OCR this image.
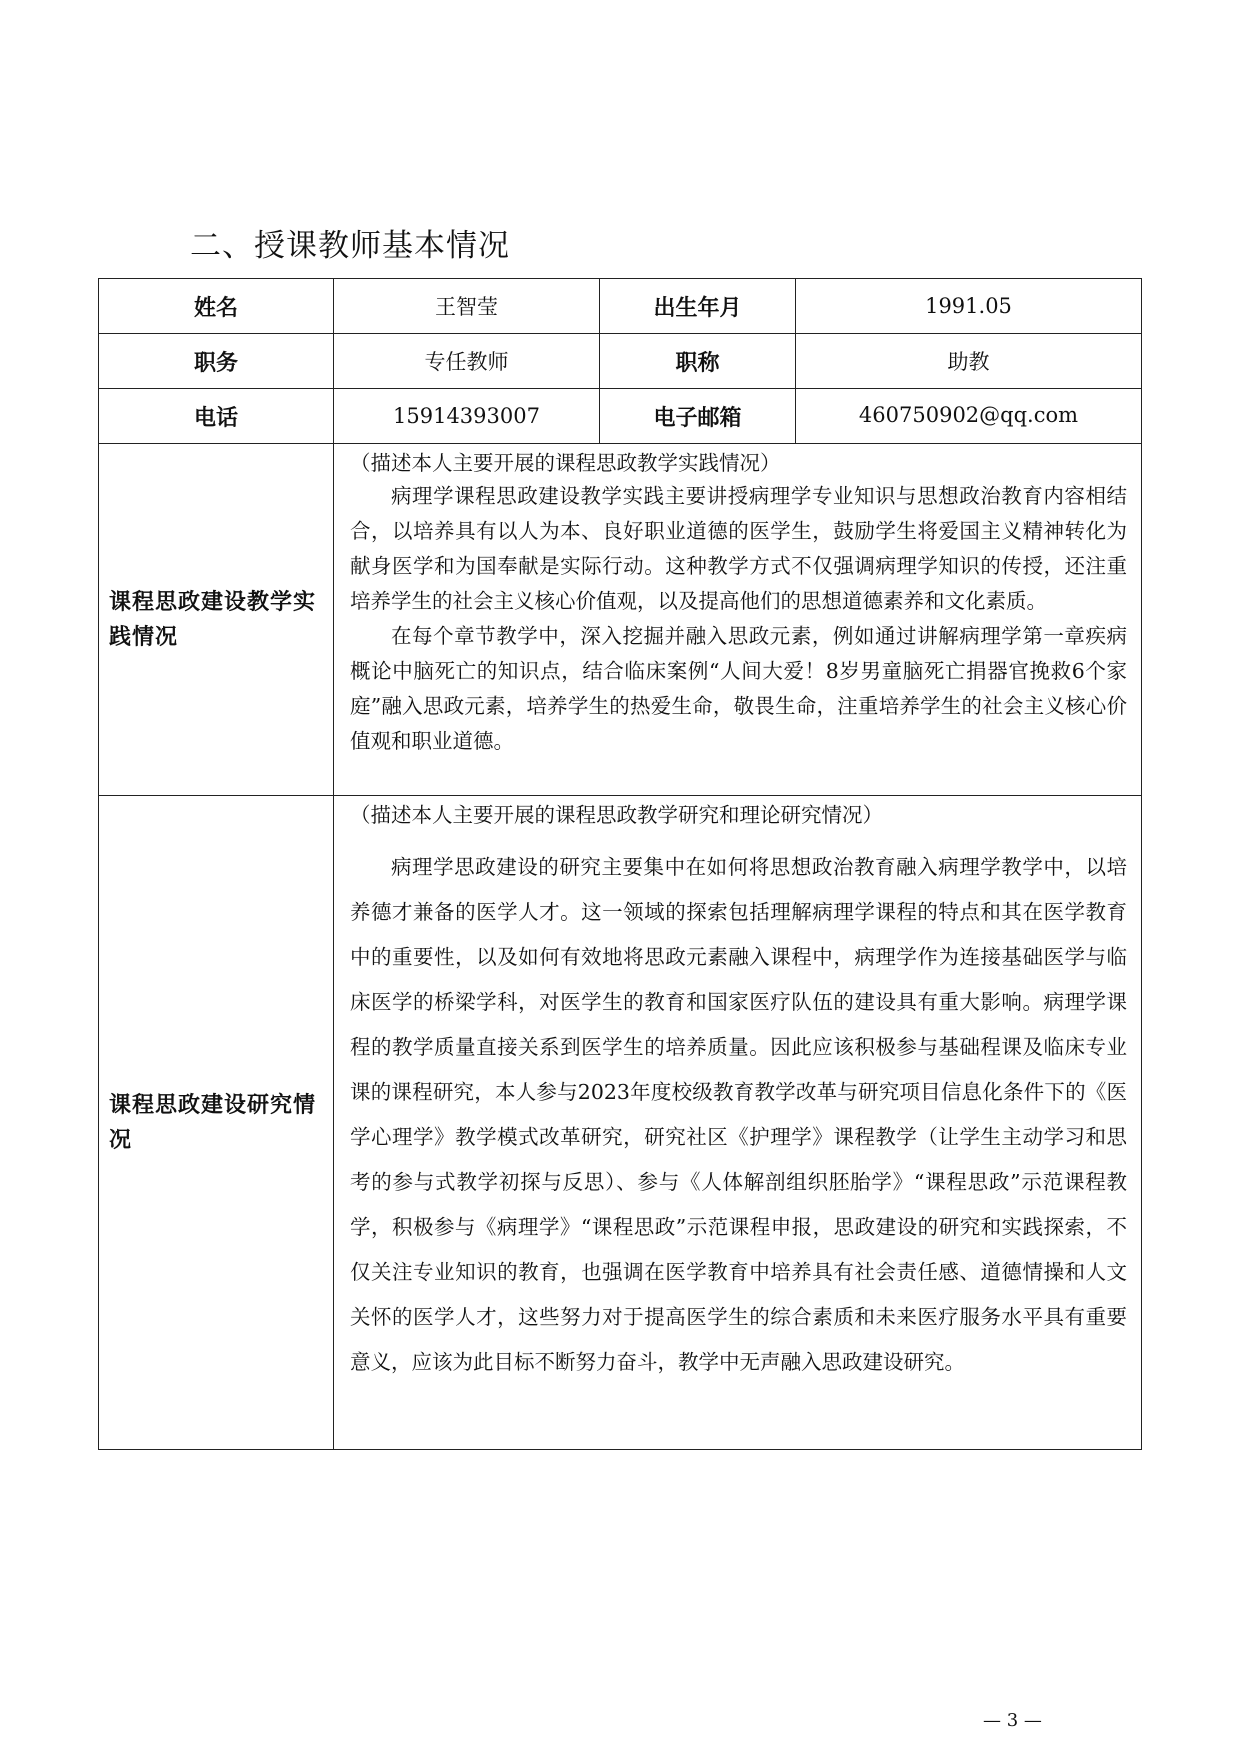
二、授课教师基本情况
姓名	王智莹	出生年月	1991.05
职务	专任教师	职称	助教
电话	15914393007	电子邮箱	460750902@qq.com
课程思政建设教学实践情况	（描述本人主要开展的课程思政教学实践情况）

病理学课程思政建设教学实践主要讲授病理学专业知识与思想政治教育内容相结合，以培养具有以人为本、良好职业道德的医学生，鼓励学生将爱国主义精神转化为献身医学和为国奉献是实际行动。这种教学方式不仅强调病理学知识的传授，还注重培养学生的社会主义核心价值观，以及提高他们的思想道德素养和文化素质。

在每个章节教学中，深入挖掘并融入思政元素，例如通过讲解病理学第一章疾病概论中脑死亡的知识点，结合临床案例“人间大爱！8岁男童脑死亡捐器官挽救6个家庭”融入思政元素，培养学生的热爱生命，敬畏生命，注重培养学生的社会主义核心价值观和职业道德。		

课程思政建设研究情况	（描述本人主要开展的课程思政教学研究和理论研究情况）

病理学思政建设的研究主要集中在如何将思想政治教育融入病理学教学中，以培养德才兼备的医学人才。这一领域的探索包括理解病理学课程的特点和其在医学教育中的重要性，以及如何有效地将思政元素融入课程中，病理学作为连接基础医学与临床医学的桥梁学科，对医学生的教育和国家医疗队伍的建设具有重大影响。病理学课程的教学质量直接关系到医学生的培养质量。因此应该积极参与基础程课及临床专业课的课程研究，本人参与2023年度校级教育教学改革与研究项目信息化条件下的《医学心理学》教学模式改革研究，研究社区《护理学》课程教学（让学生主动学习和思考的参与式教学初探与反思）、参与《人体解剖组织胚胎学》“课程思政”示范课程教学，积极参与《病理学》“课程思政”示范课程申报，思政建设的研究和实践探索，不仅关注专业知识的教育，也强调在医学教育中培养具有社会责任感、道德情操和人文关怀的医学人才，这些努力对于提高医学生的综合素质和未来医疗服务水平具有重要意义，应该为此目标不断努力奋斗，教学中无声融入思政建设研究。		

— 3 —
